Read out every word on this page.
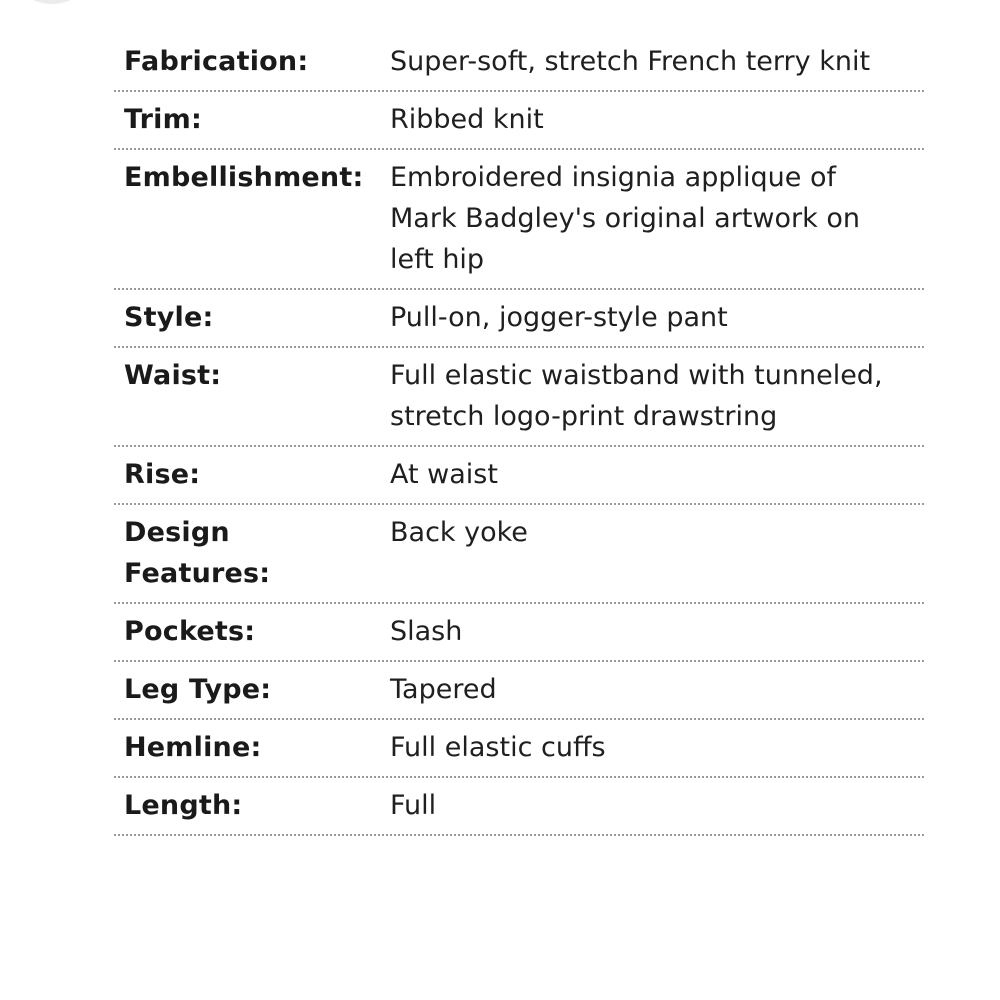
Fabrication:	Super-soft, stretch French terry knit
Trim:	Ribbed knit
Embellishment: Embroidered insignia applique of
Mark Badgley's original artwork on
left hip
Style:	Pull-on, jogger-style pant
Waist:	Full elastic waistband with tunneled,
stretch logo-print drawstring
Rise:	At waist
Design
Features:
Back yoke
Pockets:	Slash
Leg Type:	Tapered
Hemline:	Full elastic cuffs
Length:	Full
